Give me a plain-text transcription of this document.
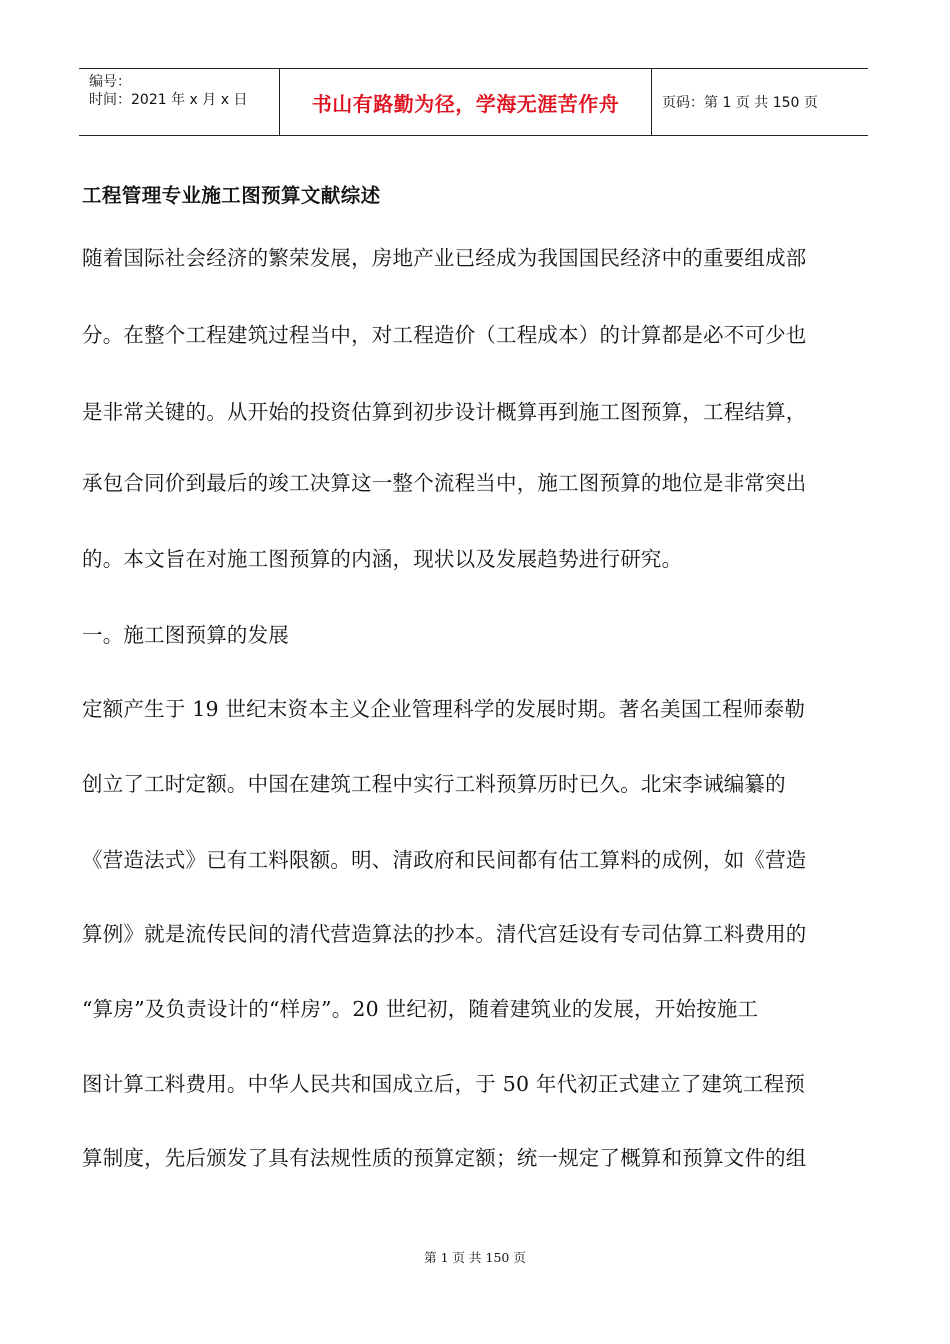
编号：
时间：2021 年 x 月 x 日	书山有路勤为径，学海无涯苦作舟	页码：第 1 页 共 150 页
工程管理专业施工图预算文献综述
随着国际社会经济的繁荣发展，房地产业已经成为我国国民经济中的重要组成部
分。在整个工程建筑过程当中，对工程造价（工程成本）的计算都是必不可少也
是非常关键的。从开始的投资估算到初步设计概算再到施工图预算，工程结算，
承包合同价到最后的竣工决算这一整个流程当中，施工图预算的地位是非常突出
的。本文旨在对施工图预算的内涵，现状以及发展趋势进行研究。
一。施工图预算的发展
定额产生于 19 世纪末资本主义企业管理科学的发展时期。著名美国工程师泰勒
创立了工时定额。中国在建筑工程中实行工料预算历时已久。北宋李诫编纂的
《营造法式》已有工料限额。明、清政府和民间都有估工算料的成例，如《营造
算例》就是流传民间的清代营造算法的抄本。清代宫廷设有专司估算工料费用的
“算房”及负责设计的“样房”。20 世纪初，随着建筑业的发展，开始按施工
图计算工料费用。中华人民共和国成立后，于 50 年代初正式建立了建筑工程预
算制度，先后颁发了具有法规性质的预算定额；统一规定了概算和预算文件的组
第 1 页 共 150 页
